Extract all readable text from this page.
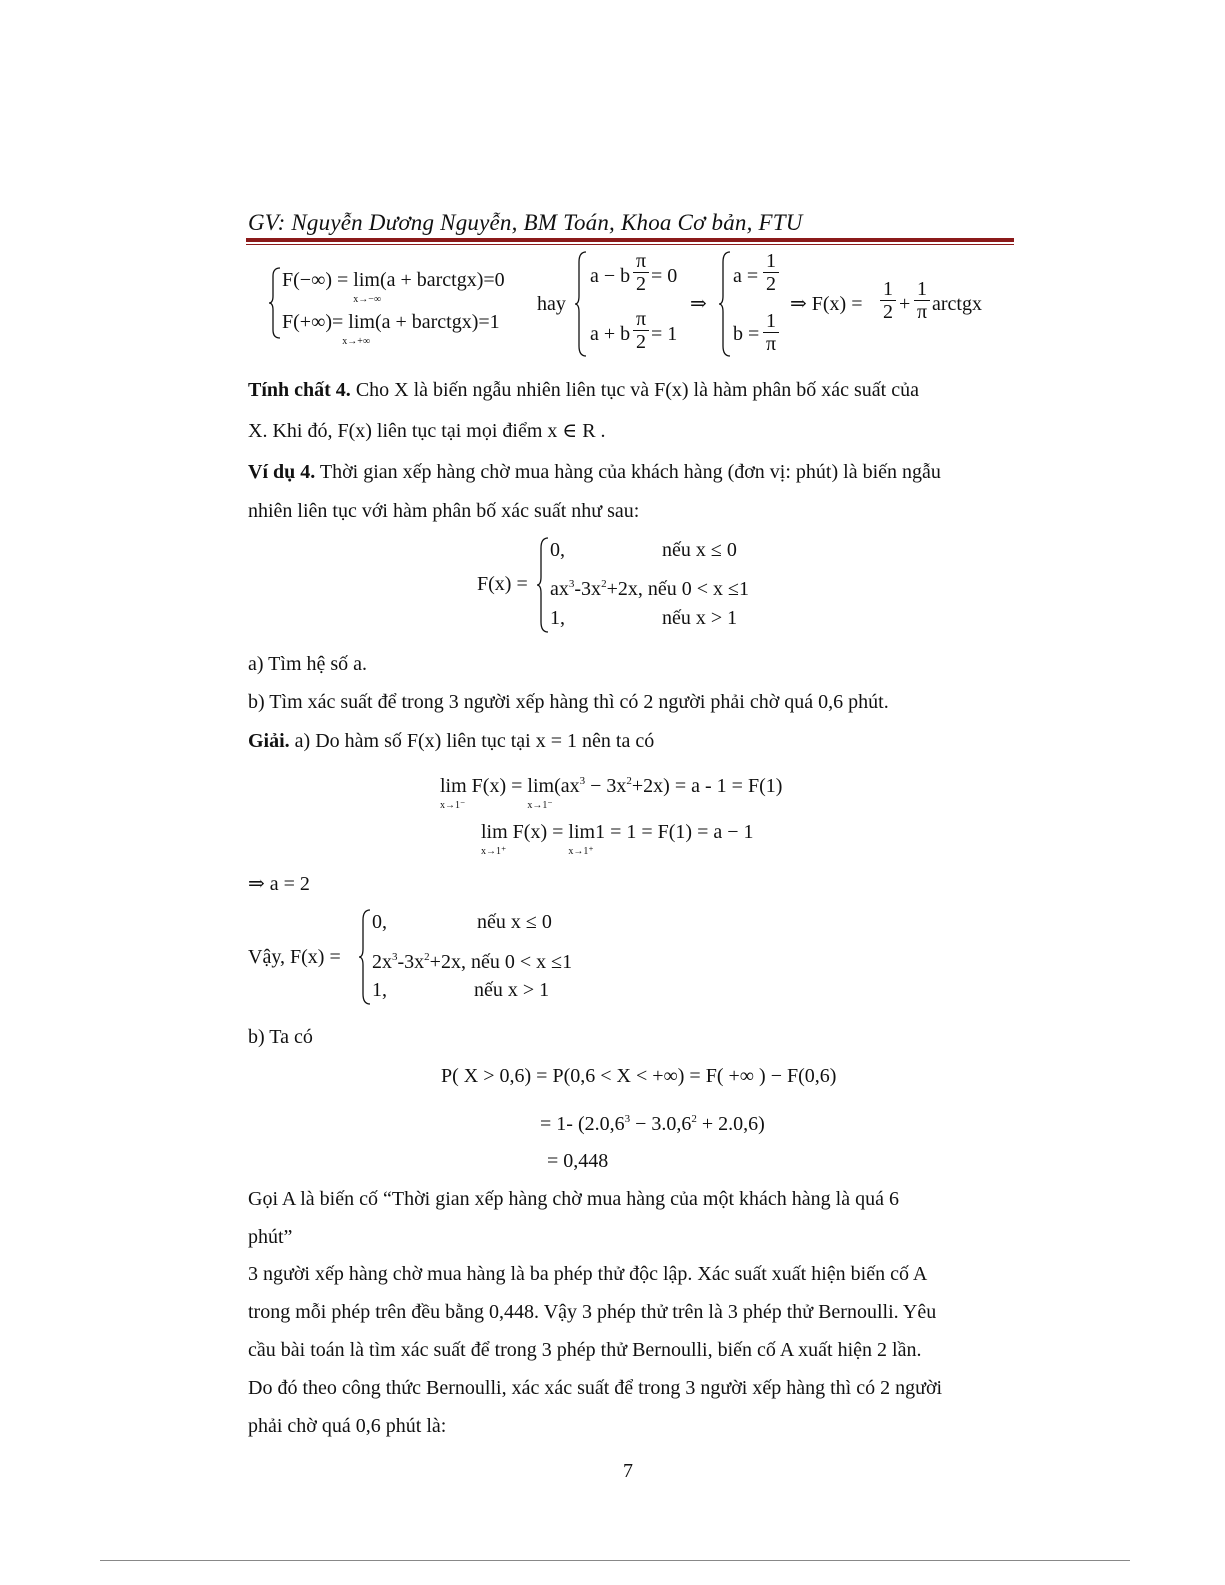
GV: Nguyễn Dương Nguyễn, BM Toán, Khoa Cơ bản, FTU
F(−∞) = lim
x→−∞
(a + barctgx)=0
F(+∞)= lim
x→+∞
(a + barctgx)=1
hay
a − b $\frac{\pi}{2} = 0$
a + b $\frac{\pi}{2} = 1$
⇒
$a = \frac{1}{2}$
$b = \frac{1}{\pi}$
⇒ $F(x) = \frac{1}{2} + \frac{1}{\pi}$ arctgx
Tính chất 4. Cho X là biến ngẫu nhiên liên tục và F(x) là hàm phân bố xác suất của
X. Khi đó, F(x) liên tục tại mọi điểm x ∈ R .
Ví dụ 4. Thời gian xếp hàng chờ mua hàng của khách hàng (đơn vị: phút) là biến ngẫu
nhiên liên tục với hàm phân bố xác suất như sau:
F(x) =
0,	nếu x ≤ 0
$ax^3-3x^2+2x$, nếu 0 < x ≤1
1,	nếu x > 1
a) Tìm hệ số a.
b) Tìm xác suất để trong 3 người xếp hàng thì có 2 người phải chờ quá 0,6 phút.
Giải. a) Do hàm số F(x) liên tục tại x = 1 nên ta có
lim
x→1⁻
F(x) = lim
x→1⁻
$(ax^3 - 3x^2+2x) = a - 1 = F(1)$
lim
x→1⁺
F(x) = lim
x→1⁺
1 = 1 = F(1) = a − 1
⇒ a = 2
Vậy, F(x) =
0,	nếu x ≤ 0
$2x^3-3x^2+2x$, nếu 0 < x ≤1
1,	nếu x > 1
b) Ta có
P( X > 0,6) = P(0,6 < X < +∞) = F( +∞ ) − F(0,6)
= 1- $(2.0,6^3 - 3.0,6^2 + 2.0,6)$
= 0,448
Gọi A là biến cố “Thời gian xếp hàng chờ mua hàng của một khách hàng là quá 6
phút”
3 người xếp hàng chờ mua hàng là ba phép thử độc lập. Xác suất xuất hiện biến cố A
trong mỗi phép trên đều bằng 0,448. Vậy 3 phép thử trên là 3 phép thử Bernoulli. Yêu
cầu bài toán là tìm xác suất để trong 3 phép thử Bernoulli, biến cố A xuất hiện 2 lần.
Do đó theo công thức Bernoulli, xác xác suất để trong 3 người xếp hàng thì có 2 người
phải chờ quá 0,6 phút là:
7
